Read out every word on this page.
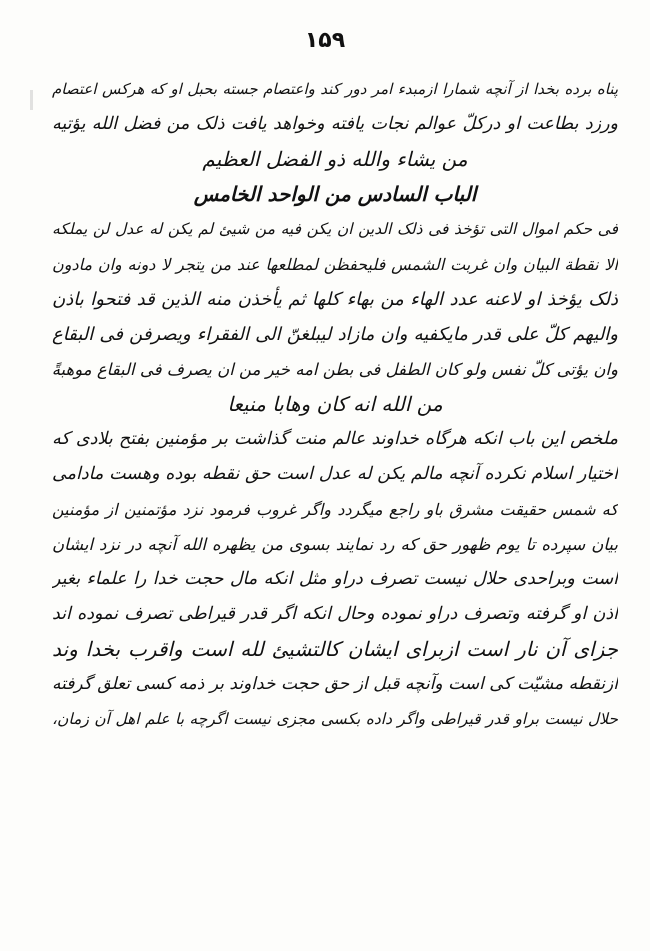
۱۵۹
پناه برده بخدا از آنچه شمارا ازمبدء امر دور کند واعتصام جسته بحبل او که هرکس اعتصام
ورزد بطاعت او درکلّ عوالم نجات یافته وخواهد یافت ذلک من فضل الله یؤتیه
من یشاء والله ذو الفضل العظیم
الباب السادس من الواحد الخامس
فی حکم اموال التی تؤخذ فی ذلک الدین ان یکن فیه من شیئ لم یکن له عدل لن یملکه
الا نقطة البیان وان غربت الشمس فلیحفظن لمطلعها عند من یتجر لا دونه وان مادون
ذلک یؤخذ او لاعنه عدد الهاء من بهاء کلها ثم یأخذن منه الذین قد فتحوا باذن
والیهم کلّ علی قدر مایکفیه وان مازاد لیبلغنّ الی الفقراء ویصرفن فی البقاع
وان یؤتی کلّ نفس ولو کان الطفل فی بطن امه خیر من ان یصرف فی البقاع موهبةً
من الله انه کان وهابا منیعا
ملخص این باب انکه هرگاه خداوند عالم منت گذاشت بر مؤمنین بفتح بلادی که
اختیار اسلام نکرده آنچه مالم یکن له عدل است حق نقطه بوده وهست مادامی
که شمس حقیقت مشرق باو راجع میگردد واگر غروب فرمود نزد مؤتمنین از مؤمنین
بیان سپرده تا یوم ظهور حق که رد نمایند بسوی من یظهره الله آنچه در نزد ایشان
است وبراحدی حلال نیست تصرف دراو مثل انکه مال حجت خدا را علماء بغیر
اذن او گرفته وتصرف دراو نموده وحال انکه اگر قدر قیراطی تصرف نموده اند
جزای آن نار است ازبرای ایشان کالتشیئ لله است واقرب بخدا وند
ازنقطه مشیّت کی است وآنچه قبل از حق حجت خداوند بر ذمه کسی تعلق گرفته
حلال نیست براو قدر قیراطی واگر داده بکسی مجزی نیست اگرچه با علم اهل آن زمان،
